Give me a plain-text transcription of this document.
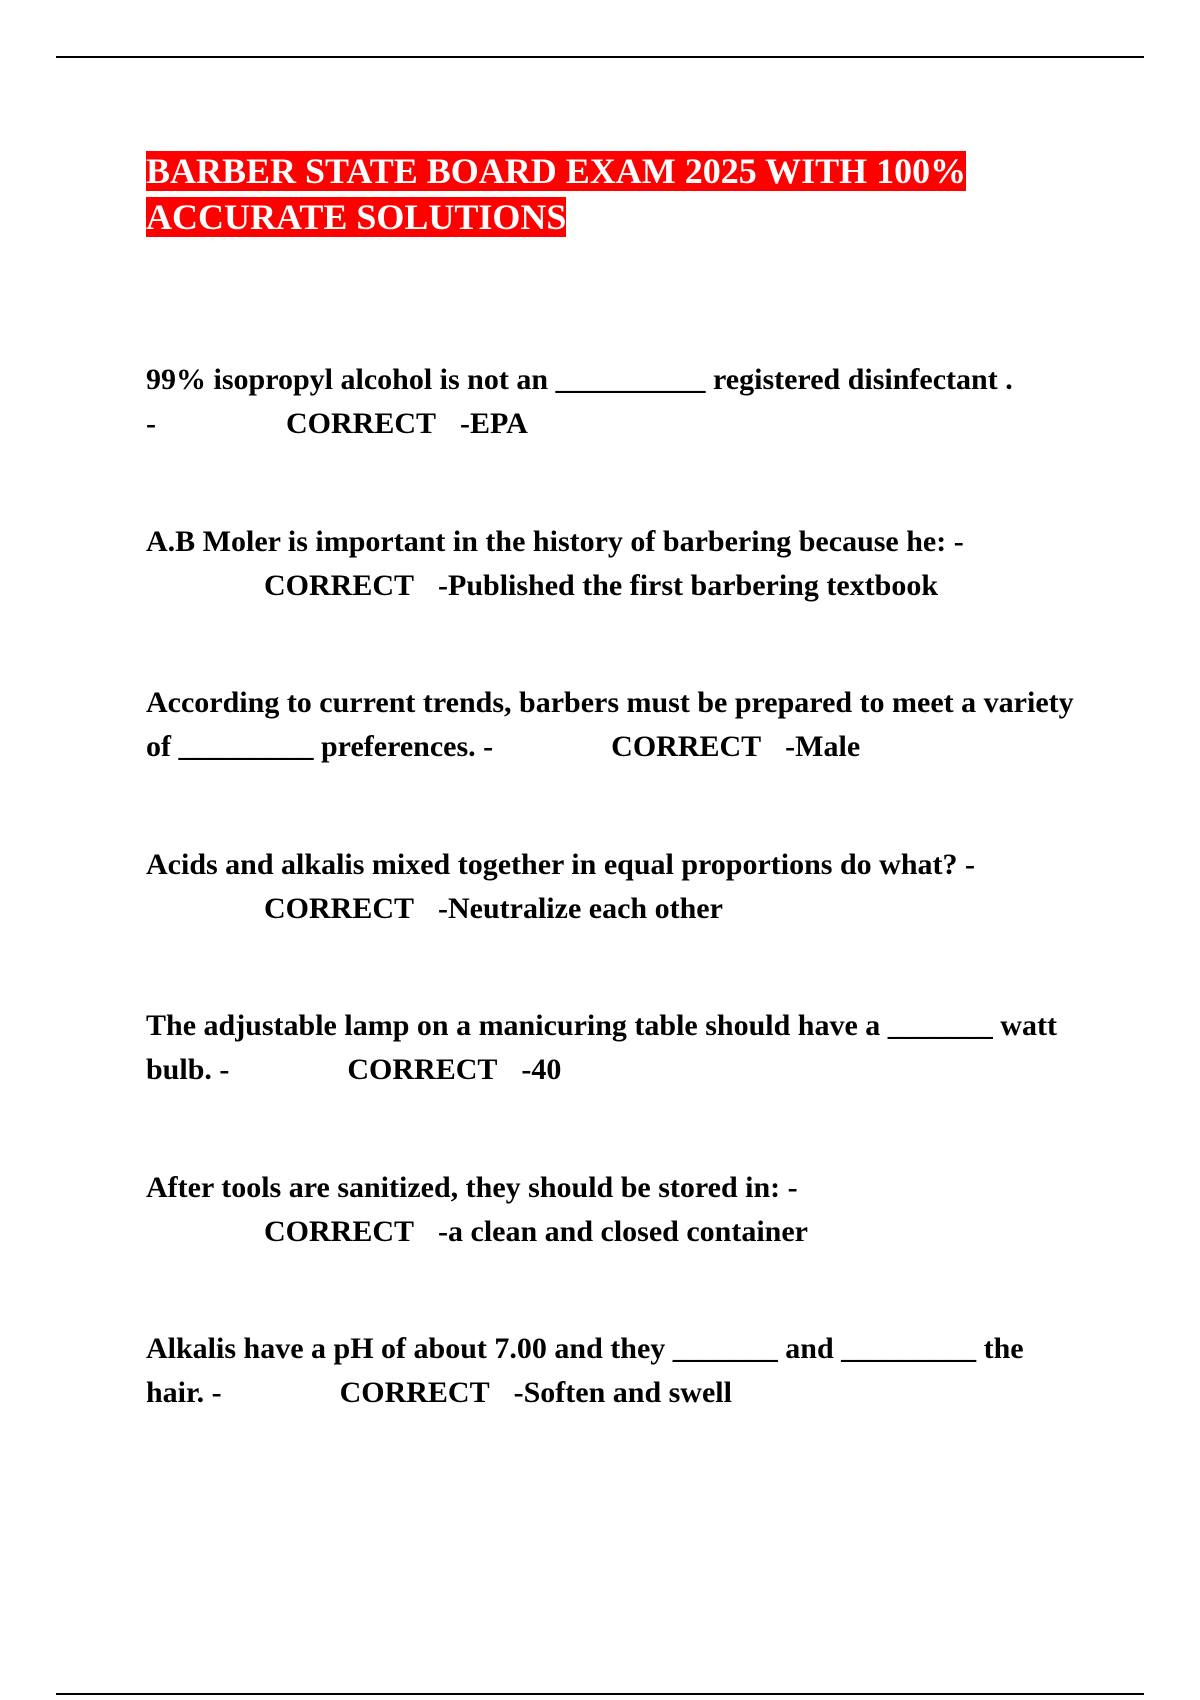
BARBER STATE BOARD EXAM 2025 WITH 100% ACCURATE SOLUTIONS

99% isopropyl alcohol is not an __________ registered disinfectant .
-	CORRECT -EPA

A.B Moler is important in the history of barbering because he: -
CORRECT -Published the first barbering textbook

According to current trends, barbers must be prepared to meet a variety of _________ preferences. -	CORRECT -Male

Acids and alkalis mixed together in equal proportions do what? -
CORRECT -Neutralize each other

The adjustable lamp on a manicuring table should have a _______ watt bulb. -	CORRECT -40

After tools are sanitized, they should be stored in: -
CORRECT -a clean and closed container

Alkalis have a pH of about 7.00 and they _______ and _________ the hair. -	CORRECT -Soften and swell
